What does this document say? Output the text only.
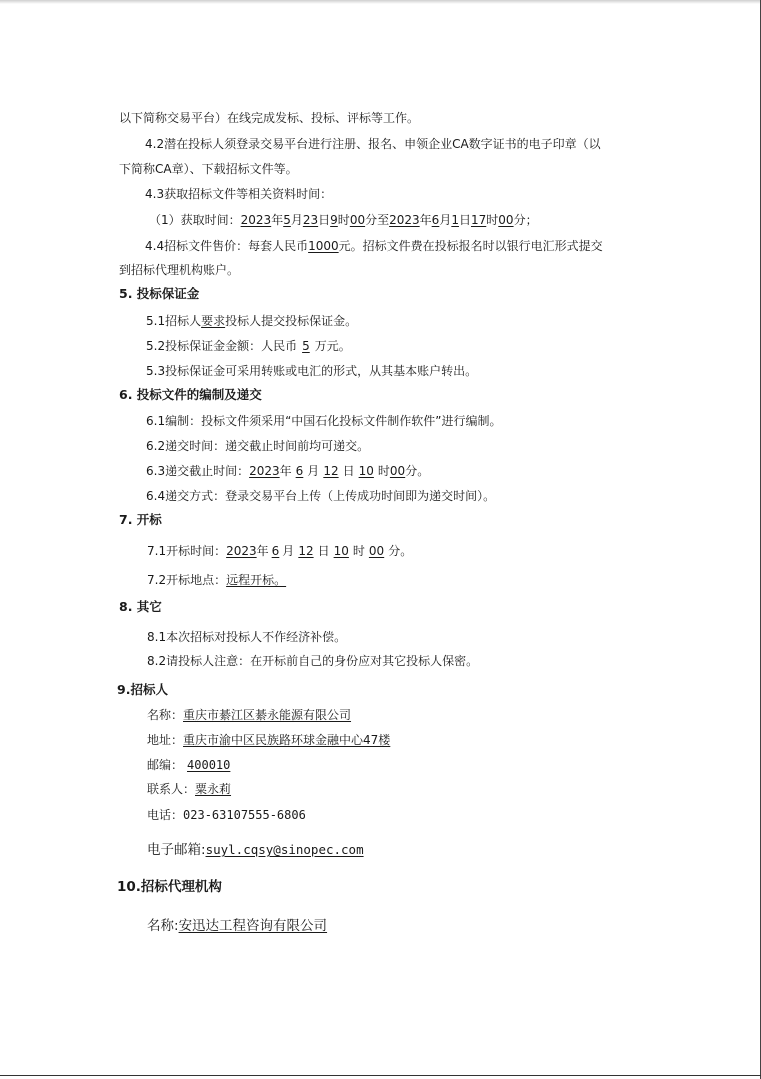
以下简称交易平台）在线完成发标、投标、评标等工作。
4.2潜在投标人须登录交易平台进行注册、报名、申领企业CA数字证书的电子印章（以
下简称CA章）、下载招标文件等。
4.3获取招标文件等相关资料时间：
（1）获取时间：2023年5月23日9时00分至2023年6月1日17时00分；
4.4招标文件售价：每套人民币1000元。招标文件费在投标报名时以银行电汇形式提交
到招标代理机构账户。
5. 投标保证金
5.1招标人要求投标人提交投标保证金。
5.2投标保证金金额：人民币 5 万元。
5.3投标保证金可采用转账或电汇的形式，从其基本账户转出。
6. 投标文件的编制及递交
6.1编制：投标文件须采用“中国石化投标文件制作软件”进行编制。
6.2递交时间：递交截止时间前均可递交。
6.3递交截止时间：2023年 6 月 12 日 10 时00分。
6.4递交方式：登录交易平台上传（上传成功时间即为递交时间）。
7. 开标
7.1开标时间：2023年 6 月 12 日 10 时 00 分。
7.2开标地点：远程开标。
8. 其它
8.1本次招标对投标人不作经济补偿。
8.2请投标人注意：在开标前自己的身份应对其它投标人保密。
9.招标人
名称：重庆市綦江区綦永能源有限公司
地址：重庆市渝中区民族路环球金融中心47楼
邮编： 400010
联系人：粟永莉
电话：023-63107555-6806
电子邮箱:suyl.cqsy@sinopec.com
10.招标代理机构
名称:安迅达工程咨询有限公司
